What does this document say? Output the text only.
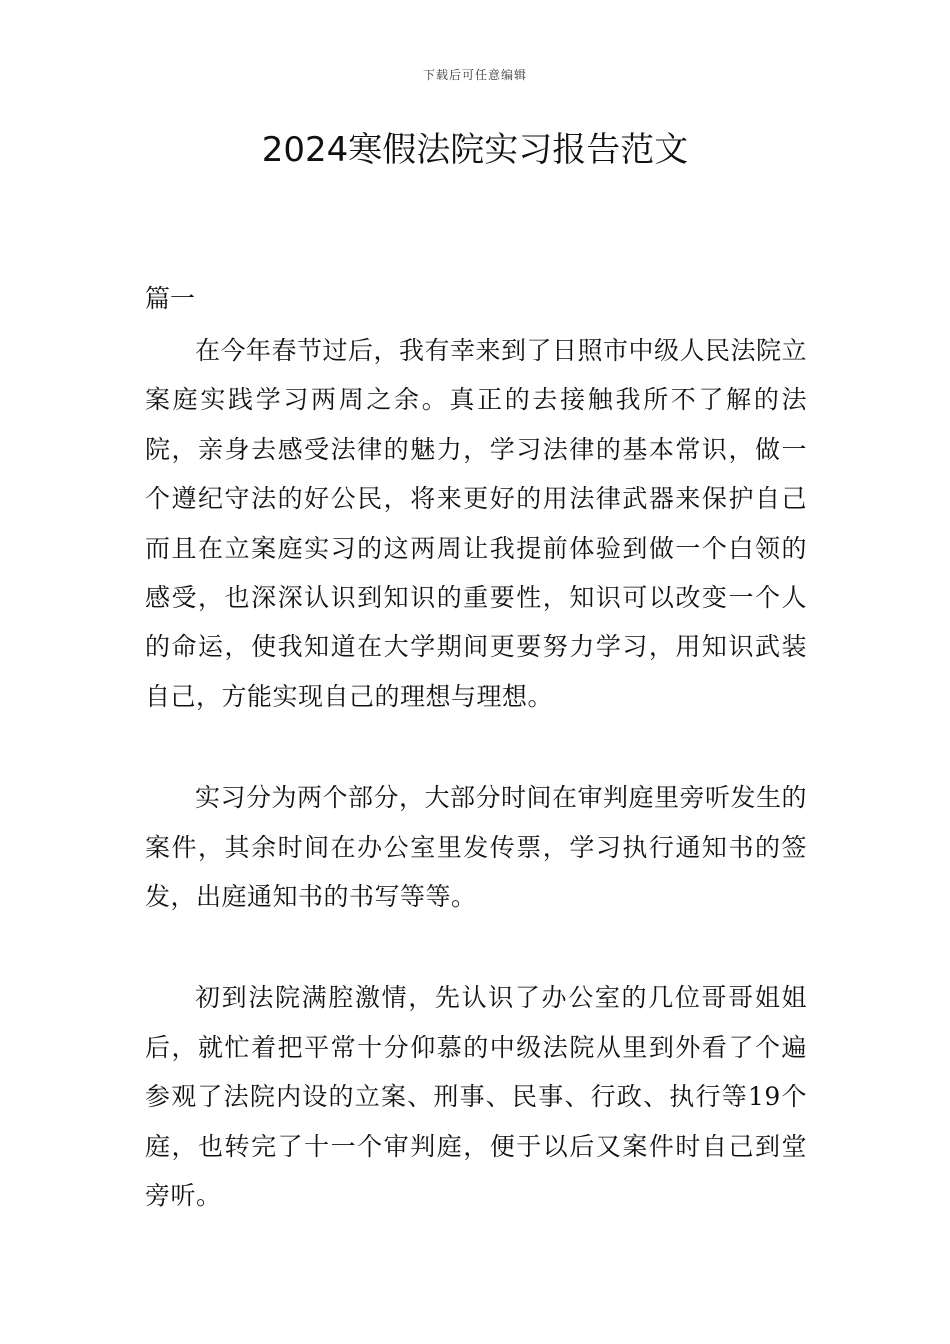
下载后可任意编辑
2024寒假法院实习报告范文

篇一

在今年春节过后，我有幸来到了日照市中级人民法院立案庭实践学习两周之余。真正的去接触我所不了解的法院，亲身去感受法律的魅力，学习法律的基本常识，做一个遵纪守法的好公民，将来更好的用法律武器来保护自己而且在立案庭实习的这两周让我提前体验到做一个白领的感受，也深深认识到知识的重要性，知识可以改变一个人的命运，使我知道在大学期间更要努力学习，用知识武装自己，方能实现自己的理想与理想。

实习分为两个部分，大部分时间在审判庭里旁听发生的案件，其余时间在办公室里发传票，学习执行通知书的签发，出庭通知书的书写等等。

初到法院满腔激情，先认识了办公室的几位哥哥姐姐后，就忙着把平常十分仰慕的中级法院从里到外看了个遍参观了法院内设的立案、刑事、民事、行政、执行等19个庭，也转完了十一个审判庭，便于以后又案件时自己到堂旁听。
